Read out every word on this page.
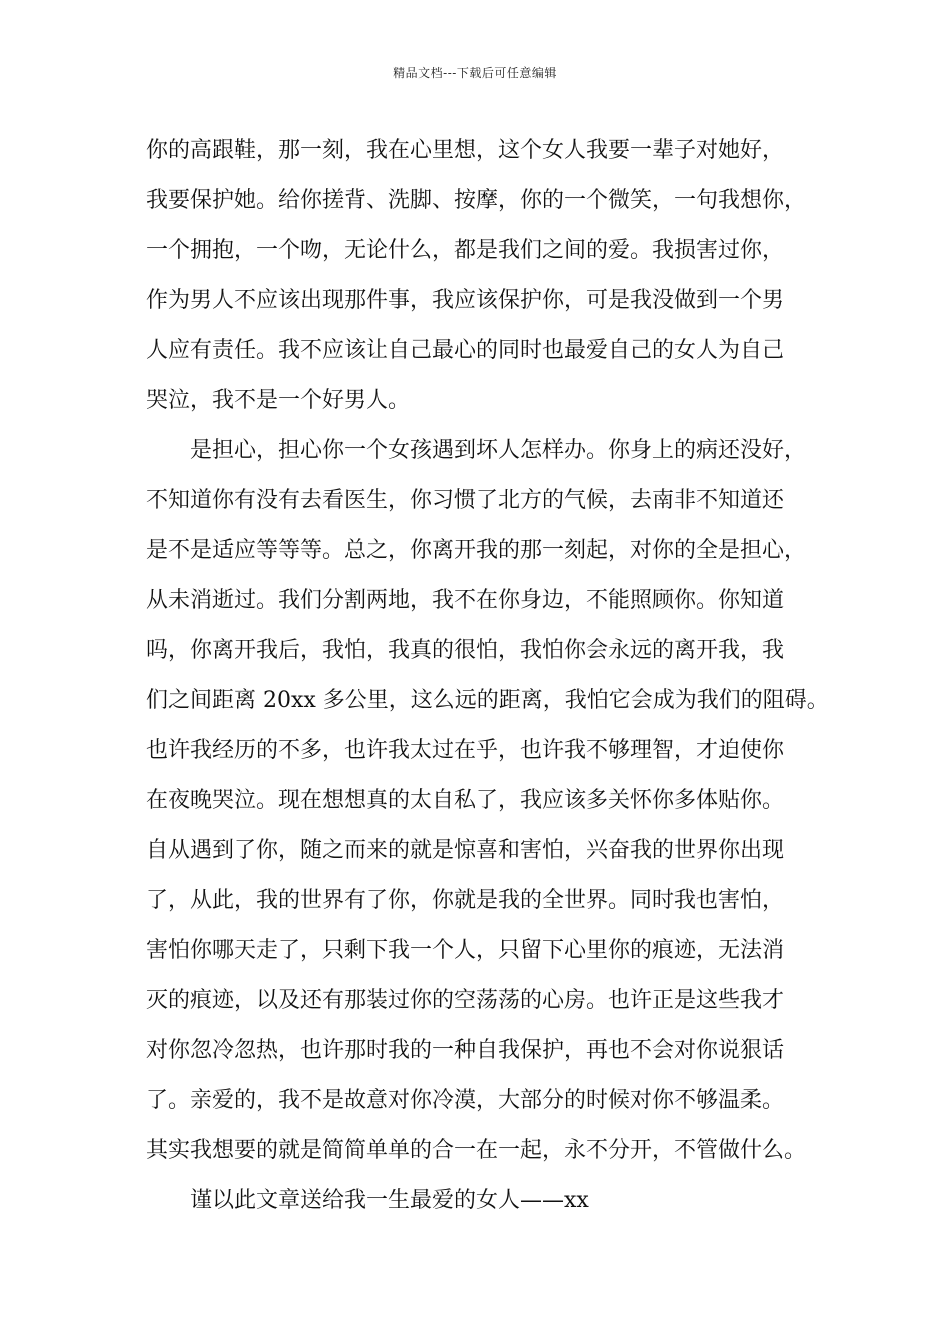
精品文档---下载后可任意编辑
你的高跟鞋，那一刻，我在心里想，这个女人我要一辈子对她好，
我要保护她。给你搓背、洗脚、按摩，你的一个微笑，一句我想你，
一个拥抱，一个吻，无论什么，都是我们之间的爱。我损害过你，
作为男人不应该出现那件事，我应该保护你，可是我没做到一个男
人应有责任。我不应该让自己最心的同时也最爱自己的女人为自己
哭泣，我不是一个好男人。
是担心，担心你一个女孩遇到坏人怎样办。你身上的病还没好，
不知道你有没有去看医生，你习惯了北方的气候，去南非不知道还
是不是适应等等等。总之，你离开我的那一刻起，对你的全是担心，
从未消逝过。我们分割两地，我不在你身边，不能照顾你。你知道
吗，你离开我后，我怕，我真的很怕，我怕你会永远的离开我，我
们之间距离 20xx 多公里，这么远的距离，我怕它会成为我们的阻碍。
也许我经历的不多，也许我太过在乎，也许我不够理智，才迫使你
在夜晚哭泣。现在想想真的太自私了，我应该多关怀你多体贴你。
自从遇到了你，随之而来的就是惊喜和害怕，兴奋我的世界你出现
了，从此，我的世界有了你，你就是我的全世界。同时我也害怕，
害怕你哪天走了，只剩下我一个人，只留下心里你的痕迹，无法消
灭的痕迹，以及还有那装过你的空荡荡的心房。也许正是这些我才
对你忽冷忽热，也许那时我的一种自我保护，再也不会对你说狠话
了。亲爱的，我不是故意对你冷漠，大部分的时候对你不够温柔。
其实我想要的就是简简单单的合一在一起，永不分开，不管做什么。
谨以此文章送给我一生最爱的女人——xx
